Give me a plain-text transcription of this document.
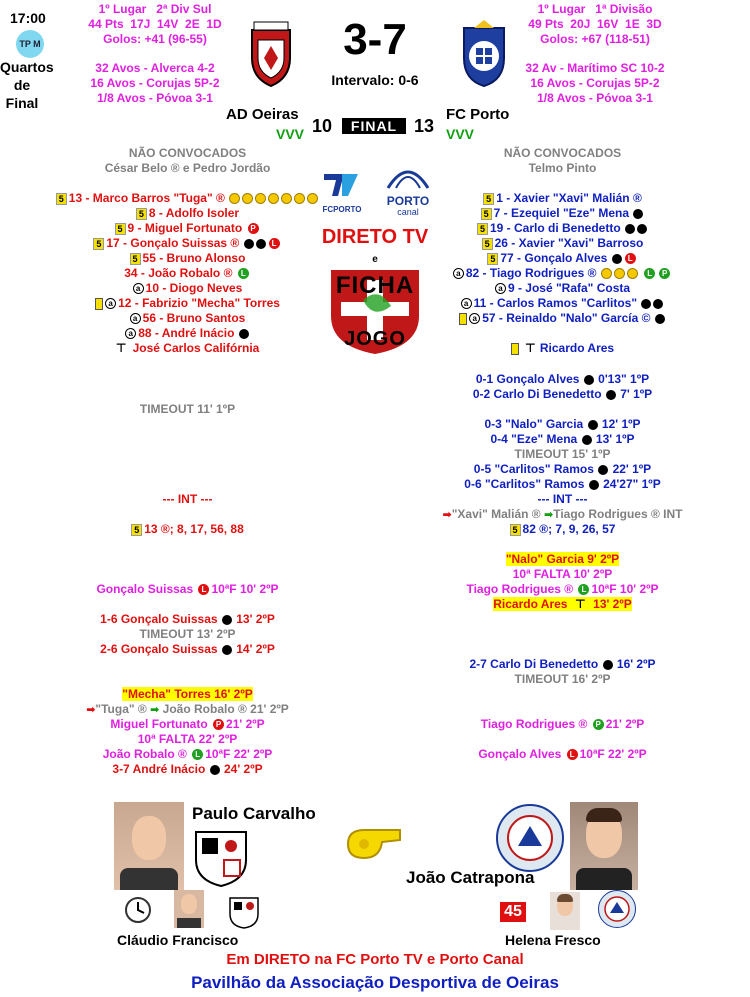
17:00
TP M
Quartos
de Final
1º Lugar   2ª Div Sul
44 Pts  17J  14V  2E  1D
Golos: +41 (96-55)
32 Avos - Alverca 4-2
16 Avos - Corujas 5P-2
1/8 Avos - Póvoa 3-1
1º Lugar   1ª Divisão
49 Pts  20J  16V  1E  3D
Golos: +67 (118-51)
32 Av - Marítimo SC 10-2
16 Avos - Corujas 5P-2
1/8 Avos - Póvoa 3-1
3-7
Intervalo: 0-6
AD Oeiras
10	FINAL 13
FC Porto
VVV	VVV
FCPORTO
PORTO
canal
DIRETO TV
e
FICHA
JOGO
NÃO CONVOCADOS
César Belo ® e Pedro Jordão
5 13 - Marco Barros "Tuga" ®
5 8 - Adolfo Isoler
5 9 - Miguel Fortunato P
5 17 - Gonçalo Suissas ®	L
5 55 - Bruno Alonso
34 - João Robalo ® L
a 10 - Diogo Neves
a 12 - Fabrizio "Mecha" Torres
a 56 - Bruno Santos
a 88 - André Inácio
⊤ José Carlos Califórnia
NÃO CONVOCADOS
Telmo Pinto
5 1 - Xavier "Xavi" Malián ®
5 7 - Ezequiel "Eze" Mena
5 19 - Carlo di Benedetto
5 26 - Xavier "Xavi" Barroso
5 77 - Gonçalo Alves	L
a 82 - Tiago Rodrigues ®	L P
a 9 - José "Rafa" Costa
a 11 - Carlos Ramos "Carlitos"
a 57 - Reinaldo "Nalo" García ©
⊤ Ricardo Ares
TIMEOUT 11' 1ºP
--- INT ---
5 13 ®; 8, 17, 56, 88
Gonçalo Suissas L 10ªF 10' 2ºP
1-6 Gonçalo Suissas 13' 2ºP
TIMEOUT 13' 2ºP
2-6 Gonçalo Suissas 14' 2ºP
"Mecha" Torres 16' 2ºP
➡"Tuga" ® ➡ João Robalo ® 21' 2ºP
Miguel Fortunato P 21' 2ºP
10ª FALTA 22' 2ºP
João Robalo ® L 10ªF 22' 2ºP
3-7 André Inácio 24' 2ºP
0-1 Gonçalo Alves 0'13" 1ºP
0-2 Carlo Di Benedetto 7' 1ºP
0-3 "Nalo" Garcia 12' 1ºP
0-4 "Eze" Mena 13' 1ºP
TIMEOUT 15' 1ºP
0-5 "Carlitos" Ramos 22' 1ºP
0-6 "Carlitos" Ramos 24'27" 1ºP
--- INT ---
➡"Xavi" Malián ® ➡Tiago Rodrigues ® INT
5 82 ®; 7, 9, 26, 57
"Nalo" Garcia 9' 2ºP
10ª FALTA 10' 2ºP
Tiago Rodrigues ® L 10ªF 10' 2ºP
Ricardo Ares ⊤ 13' 2ºP
2-7 Carlo Di Benedetto 16' 2ºP
TIMEOUT 16' 2ºP
Tiago Rodrigues ® P 21' 2ºP
Gonçalo Alves L 10ªF 22' 2ºP
Paulo Carvalho
João Catrapona
Cláudio Francisco
45
Helena Fresco
Em DIRETO na FC Porto TV e Porto Canal
Pavilhão da Associação Desportiva de Oeiras
